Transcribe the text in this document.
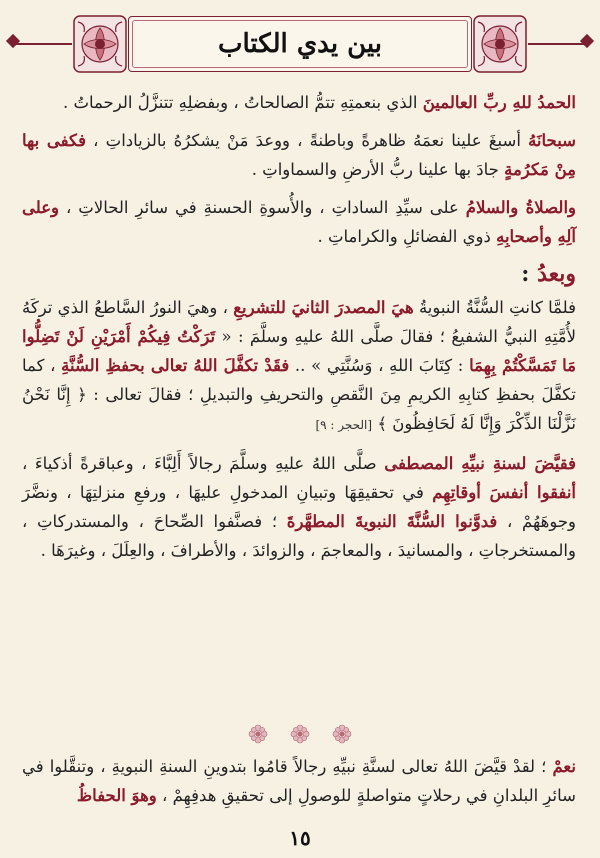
بين يدي الكتاب

الحمدُ للهِ ربِّ العالمينَ الذي بنعمتِهِ تتمُّ الصالحاتُ ، وبفضلِهِ تتنزَّلُ الرحماتُ .

سبحانَهُ أسبغَ علينا نعمَهُ ظاهرةً وباطنةً ، ووعدَ مَنْ يشكرُهُ بالزياداتِ ، فكفى بها مِنْ مَكرُمةٍ جادَ بها علينا ربُّ الأرضِ والسماواتِ .

والصلاةُ والسلامُ على سيِّدِ الساداتِ ، والأُسوةِ الحسنةِ في سائرِ الحالاتِ ، وعلى آلِهِ وأصحابِهِ ذوي الفضائلِ والكراماتِ .

وبعدُ :

فلمَّا كانتِ السُّنَّةُ النبويةُ هيَ المصدرَ الثانيَ للتشريعِ ، وهيَ النورُ السَّاطعُ الذي تركَهُ لأُمَّتِهِ النبيُّ الشفيعُ ؛ فقالَ صلَّى اللهُ عليهِ وسلَّمَ : « تَرَكْتُ فِيكُمْ أَمْرَيْنِ لَنْ تَضِلُّوا مَا تَمَسَّكْتُمْ بِهِمَا : كِتَابَ اللهِ ، وَسُنَّتِي » .. فقَدْ تكفَّلَ اللهُ تعالى بحفظِ السُّنَّةِ ، كما تكفَّلَ بحفظِ كتابِهِ الكريمِ مِنَ النَّقصِ والتحريفِ والتبديلِ ؛ فقالَ تعالى : ﴿ إِنَّا نَحْنُ نَزَّلْنَا الذِّكْرَ وَإِنَّا لَهُ لَحَافِظُونَ ﴾ [الحجر : ٩]

فقيَّضَ لسنةِ نبيِّهِ المصطفى صلَّى اللهُ عليهِ وسلَّمَ رجالاً أَلِبَّاءَ ، وعباقرةً أذكياءَ ، أنفقوا أنفسَ أوقاتِهِم في تحقيقِهَا وتبيانِ المدخولِ عليهَا ، ورفعِ منزلتِهَا ، ونضَّرَ وجوهَهُمْ ، فدوَّنوا السُّنَّةَ النبويةَ المطهَّرةَ ؛ فصنَّفوا الصِّحاحَ ، والمستدركاتِ ، والمستخرجاتِ ، والمسانيدَ ، والمعاجمَ ، والزوائدَ ، والأطرافَ ، والعِلَلَ ، وغيرَهَا .

نعمْ ؛ لقدْ قيَّضَ اللهُ تعالى لسنَّةِ نبيِّهِ رجالاً قامُوا بتدوينِ السنةِ النبويةِ ، وتنقَّلوا في سائرِ البلدانِ في رحلاتٍ متواصلةٍ للوصولِ إلى تحقيقِ هدفِهِمْ ، وهوَ الحفاظُ

١٥
